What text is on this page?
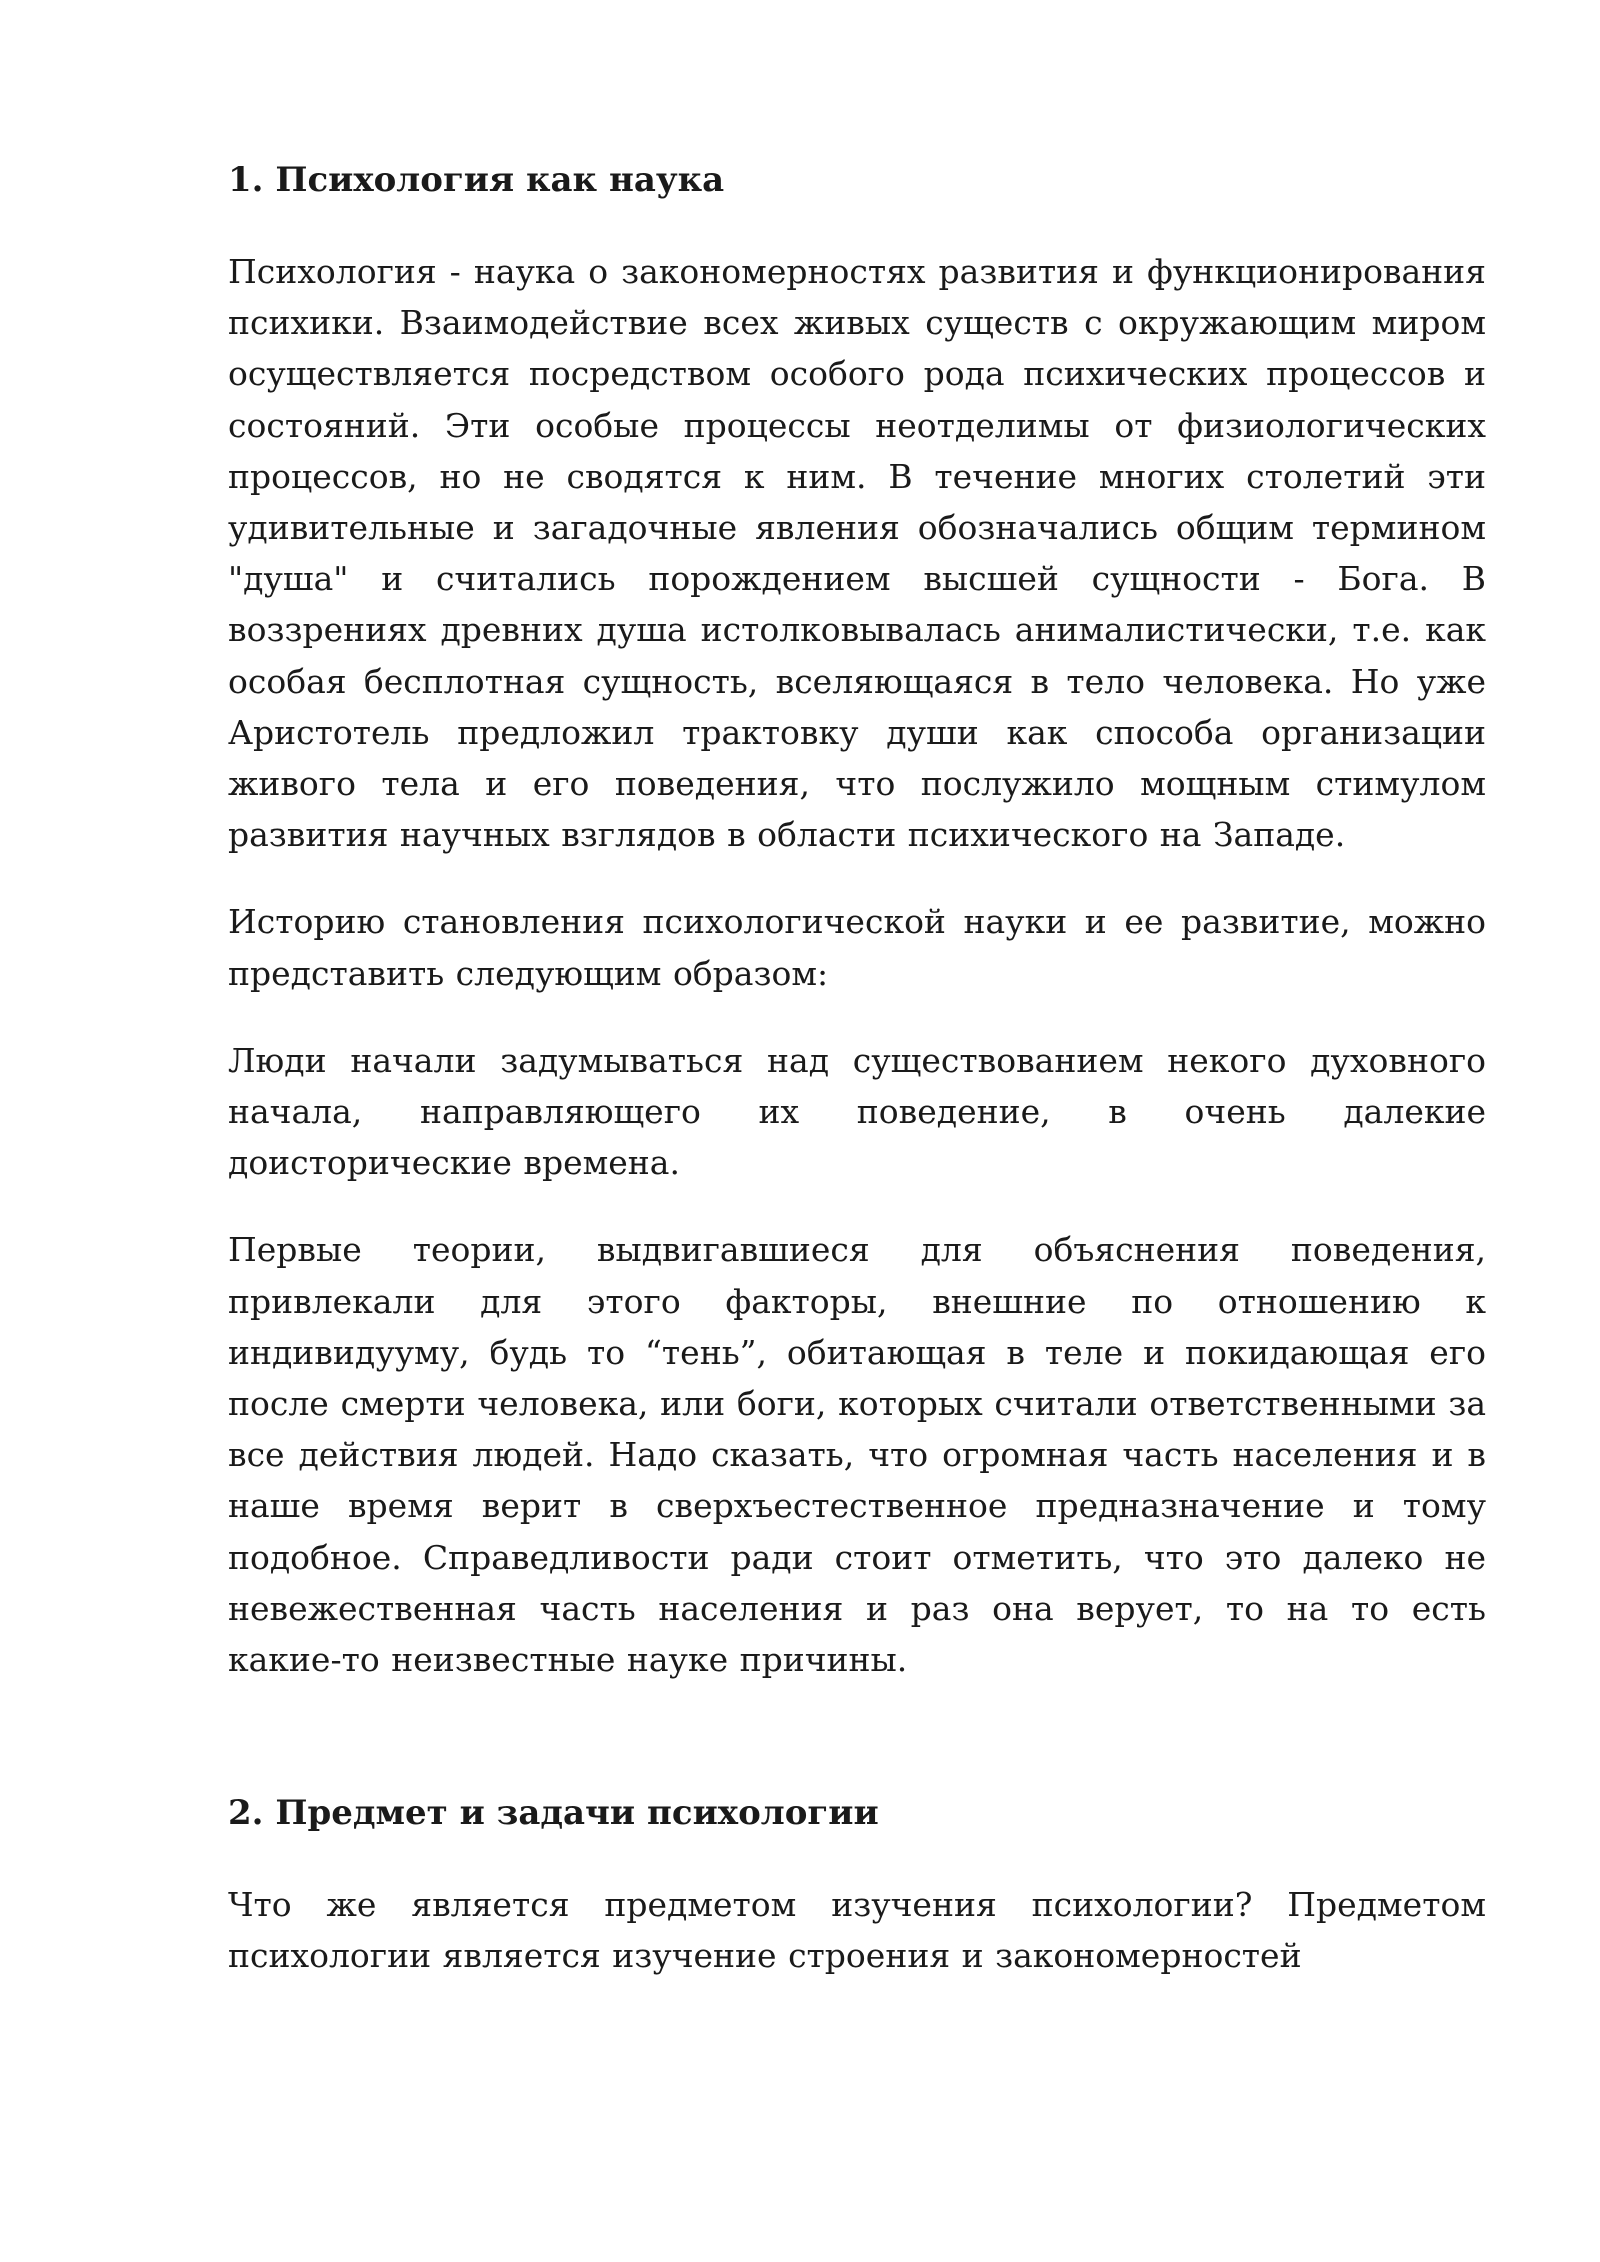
1. Психология как наука

Психология - наука о закономерностях развития и функционирования психики. Взаимодействие всех живых существ с окружающим миром осуществляется посредством особого рода психических процессов и состояний. Эти особые процессы неотделимы от физиологических процессов, но не сводятся к ним. В течение многих столетий эти удивительные и загадочные явления обозначались общим термином "душа" и считались порождением высшей сущности - Бога. В воззрениях древних душа истолковывалась анималистически, т.е. как особая бесплотная сущность, вселяющаяся в тело человека. Но уже Аристотель предложил трактовку души как способа организации живого тела и его поведения, что послужило мощным стимулом развития научных взглядов в области психического на Западе.

Историю становления психологической науки и ее развитие, можно представить следующим образом:

Люди начали задумываться над существованием некого духовного начала, направляющего их поведение, в очень далекие доисторические времена.

Первые теории, выдвигавшиеся для объяснения поведения, привлекали для этого факторы, внешние по отношению к индивидууму, будь то “тень”, обитающая в теле и покидающая его после смерти человека, или боги, которых считали ответственными за все действия людей. Надо сказать, что огромная часть населения и в наше время верит в сверхъестественное предназначение и тому подобное. Справедливости ради стоит отметить, что это далеко не невежественная часть населения и раз она верует, то на то есть какие-то неизвестные науке причины.

2. Предмет и задачи психологии

Что же является предметом изучения психологии? Предметом психологии является изучение строения и закономерностей
